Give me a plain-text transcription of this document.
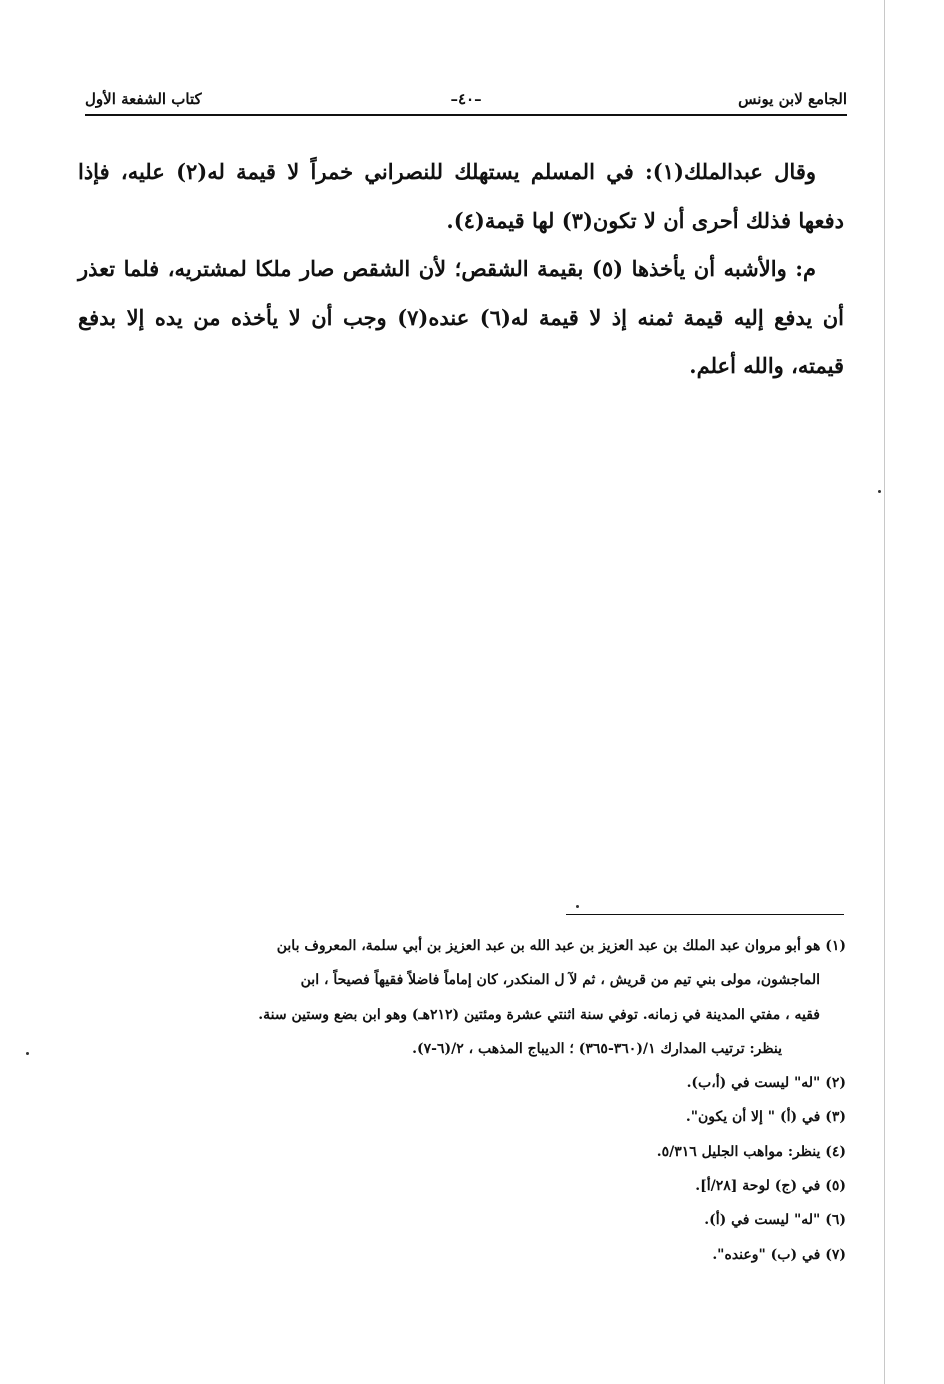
الجامع لابن يونس
–٤٠–
كتاب الشفعة الأول

وقال عبدالملك(١): في المسلم يستهلك للنصراني خمراً لا قيمة له(٢) عليه، فإذا دفعها فذلك أحرى أن لا تكون(٣) لها قيمة(٤).

م: والأشبه أن يأخذها (٥) بقيمة الشقص؛ لأن الشقص صار ملكا لمشتريه، فلما تعذر أن يدفع إليه قيمة ثمنه إذ لا قيمة له(٦) عنده(٧) وجب أن لا يأخذه من يده إلا بدفع قيمته، والله أعلم.

(١) هو أبو مروان عبد الملك بن عبد العزيز بن عبد الله بن عبد العزيز بن أبي سلمة، المعروف بابن

الماجشون، مولى بني تيم من قريش ، ثم لآ ل المنكدر، كان إماماً فاضلاً فقيهاً فصيحاً ، ابن

فقيه ، مفتي المدينة في زمانه. توفي سنة اثنتي عشرة ومئتين (٢١٢هـ) وهو ابن بضع وستين سنة.

ينظر: ترتيب المدارك ١/(٣٦٠-٣٦٥) ؛ الديباج المذهب ، ٢/(٦-٧).

(٢) "له" ليست في (أ،ب).

(٣) في (أ) " إلا أن يكون".

(٤) ينظر: مواهب الجليل ٥/٣١٦.

(٥) في (ج) لوحة [٢٨/أ].

(٦) "له" ليست في (أ).

(٧) في (ب) "وعنده".
